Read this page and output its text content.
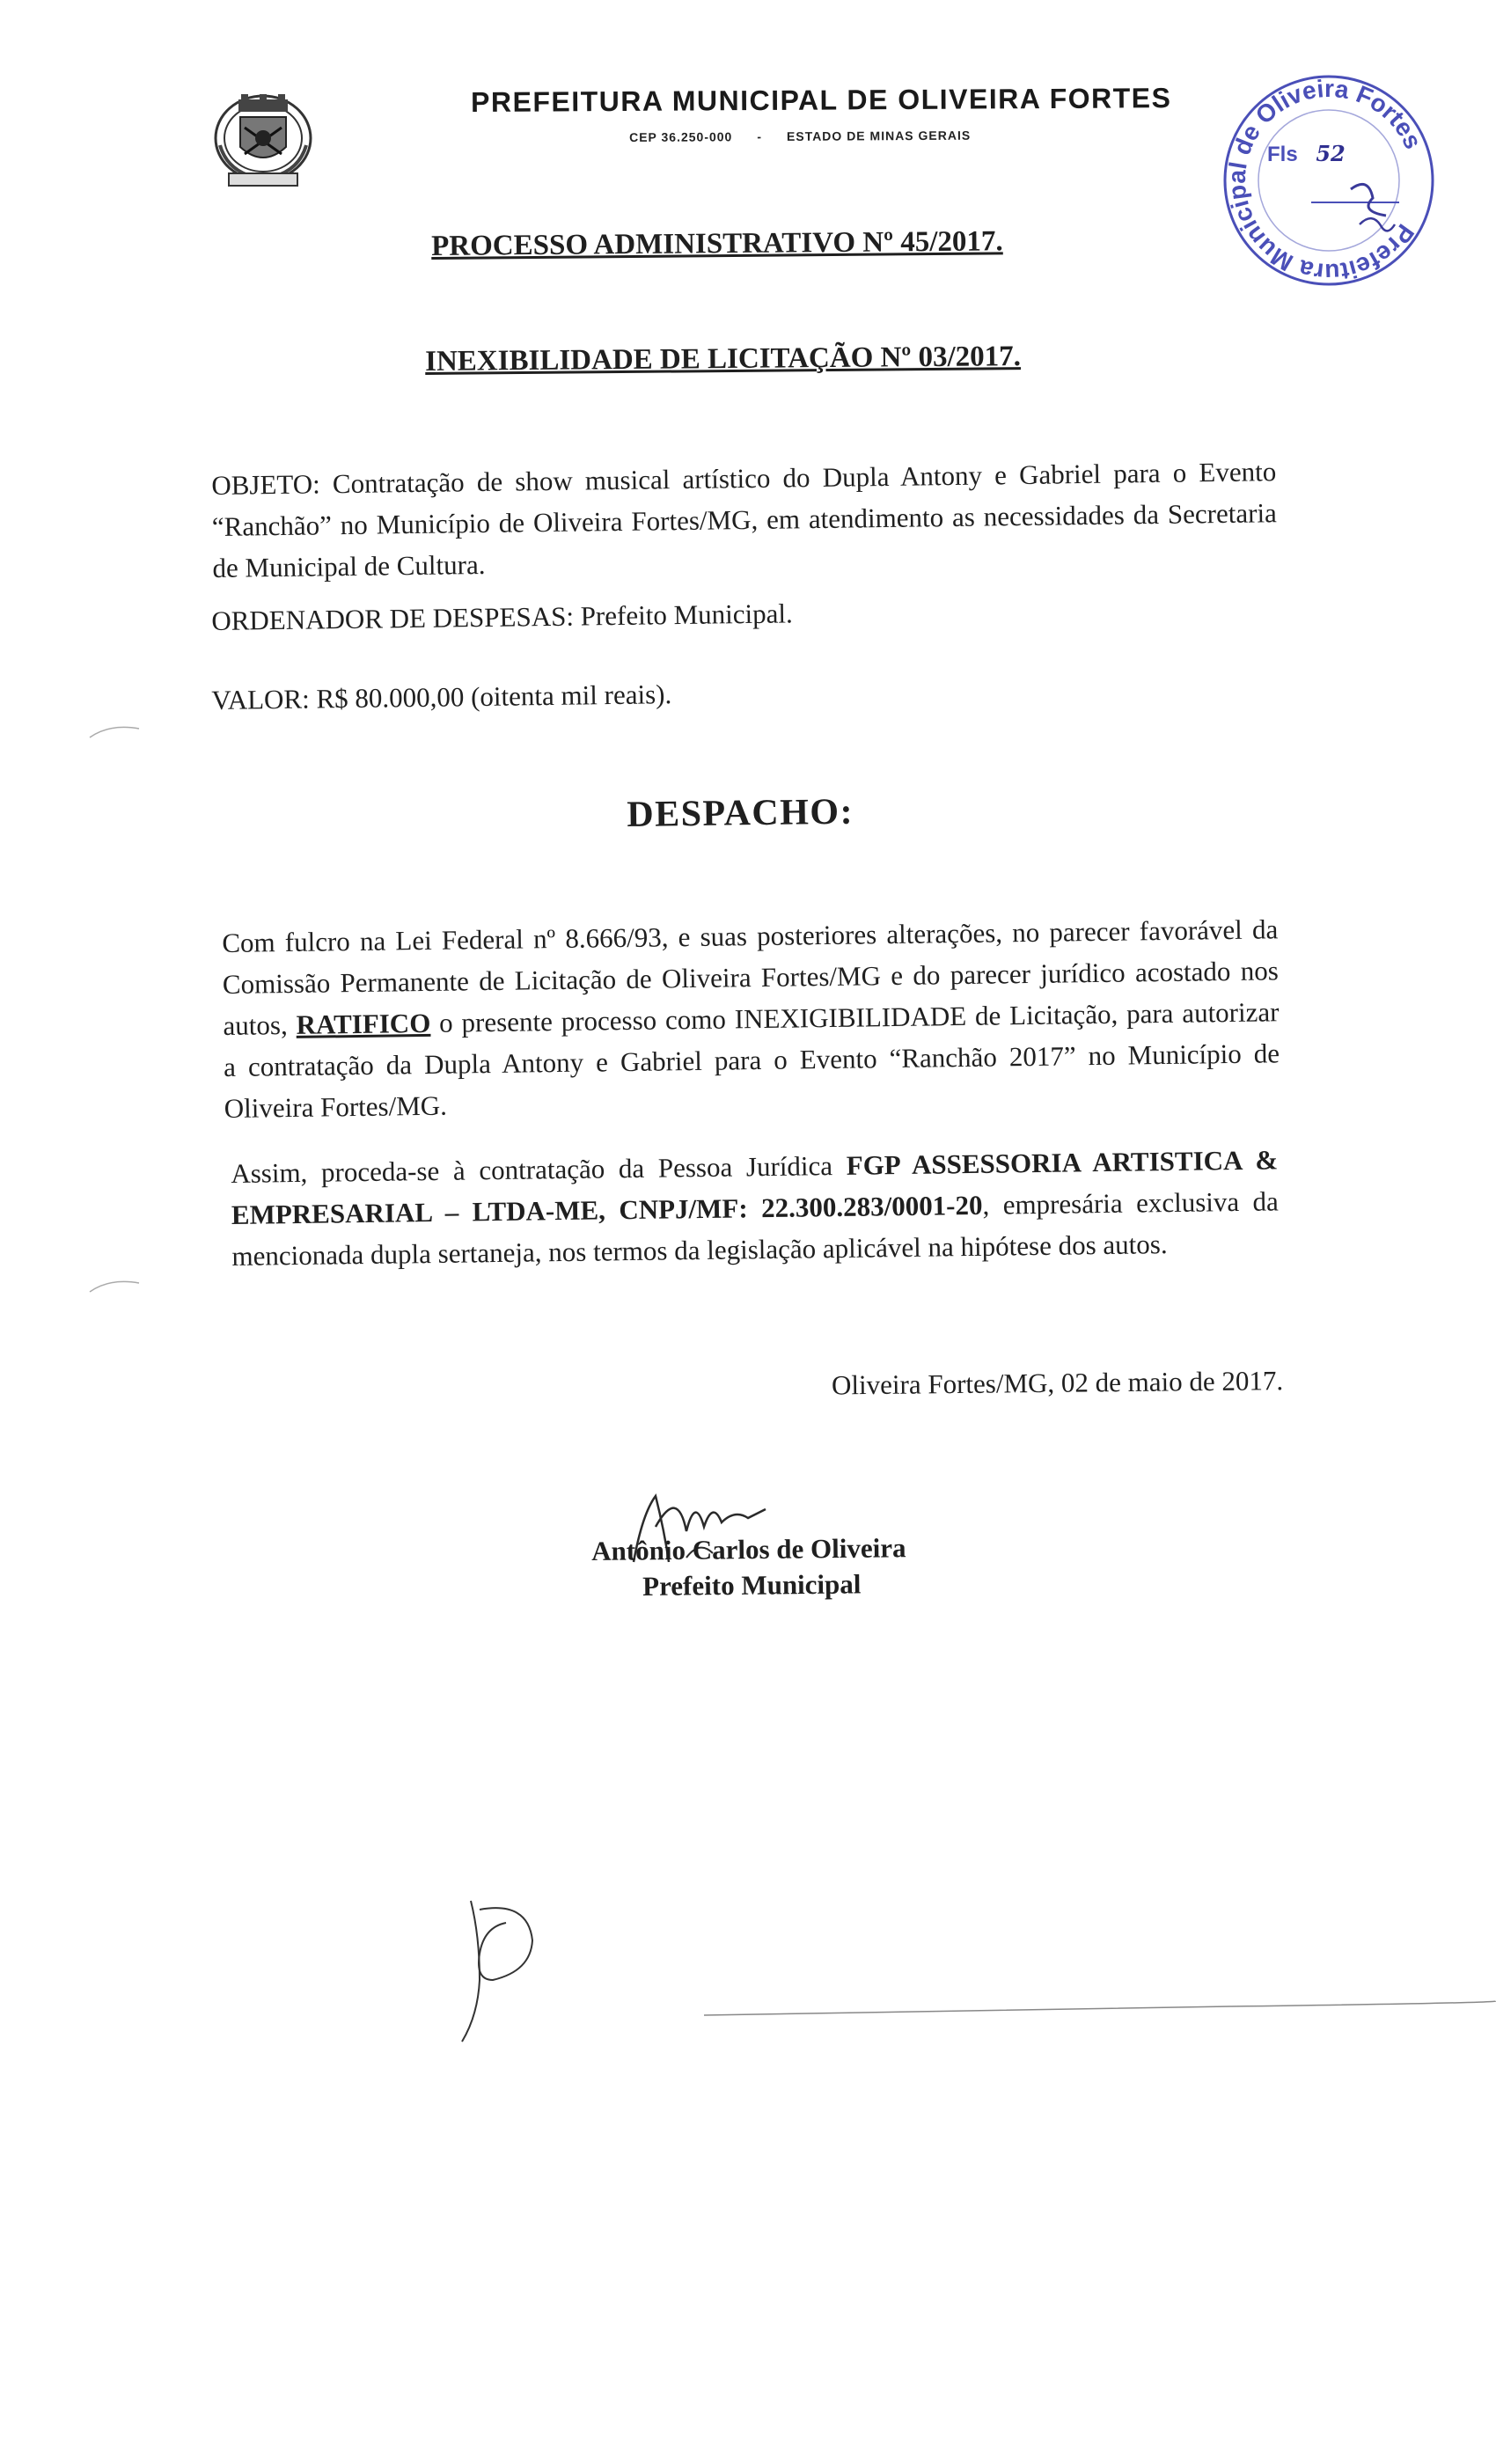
PREFEITURA MUNICIPAL DE OLIVEIRA FORTES
CEP 36.250-000 - ESTADO DE MINAS GERAIS
Prefeitura Municipal de Oliveira Fortes
Fls 52
PROCESSO ADMINISTRATIVO Nº 45/2017.
INEXIBILIDADE DE LICITAÇÃO Nº 03/2017.
OBJETO: Contratação de show musical artístico do Dupla Antony e Gabriel para o Evento “Ranchão” no Município de Oliveira Fortes/MG, em atendimento as necessidades da Secretaria de Municipal de Cultura.
ORDENADOR DE DESPESAS: Prefeito Municipal.
VALOR: R$ 80.000,00 (oitenta mil reais).
DESPACHO:
Com fulcro na Lei Federal nº 8.666/93, e suas posteriores alterações, no parecer favorável da Comissão Permanente de Licitação de Oliveira Fortes/MG e do parecer jurídico acostado nos autos, RATIFICO o presente processo como INEXIGIBILIDADE de Licitação, para autorizar a contratação da Dupla Antony e Gabriel para o Evento “Ranchão 2017” no Município de Oliveira Fortes/MG.
Assim, proceda-se à contratação da Pessoa Jurídica FGP ASSESSORIA ARTISTICA & EMPRESARIAL – LTDA-ME, CNPJ/MF: 22.300.283/0001-20, empresária exclusiva da mencionada dupla sertaneja, nos termos da legislação aplicável na hipótese dos autos.
Oliveira Fortes/MG, 02 de maio de 2017.
Antônio Carlos de Oliveira
Prefeito Municipal
